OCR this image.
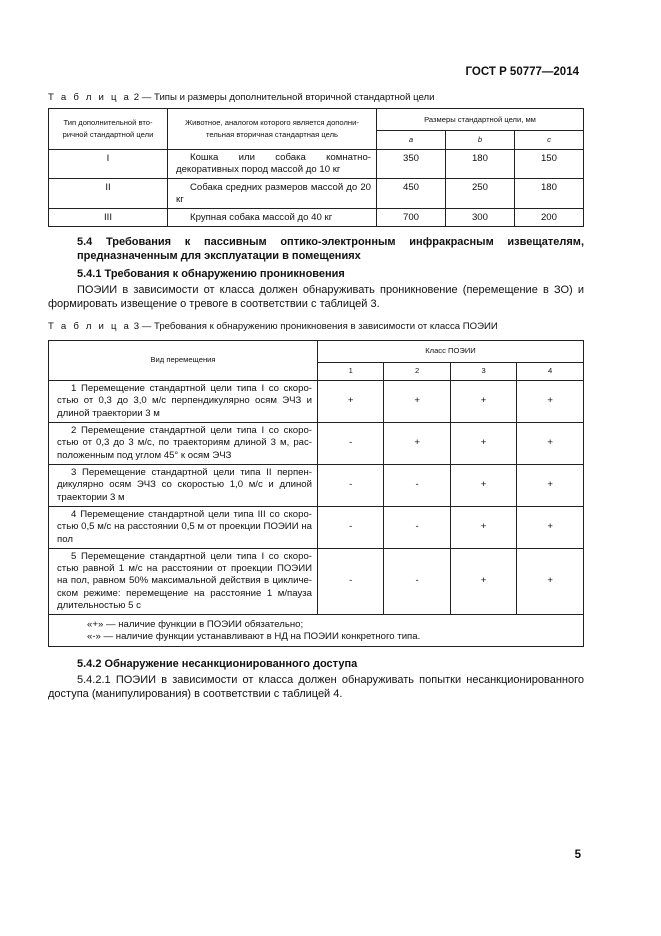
ГОСТ Р 50777—2014
Т а б л и ц а 2 — Типы и размеры дополнительной вторичной стандартной цели
Тип дополнительной вто-ричной стандартной цели	Животное, аналогом которого является дополни-тельная вторичная стандартная цель	Размеры стандартной цели, мм		
		a	b	c
I	Кошка или собака комнатно-декоративных пород массой до 10 кг	350	180	150
II	Собака средних размеров массой до 20 кг	450	250	180
III	Крупная собака массой до 40 кг	700	300	200
5.4 Требования к пассивным оптико-электронным инфракрасным извещателям, предназначенным для эксплуатации в помещениях
5.4.1 Требования к обнаружению проникновения
ПОЭИИ в зависимости от класса должен обнаруживать проникновение (перемещение в ЗО) и формировать извещение о тревоге в соответствии с таблицей 3.
Т а б л и ц а 3 — Требования к обнаружению проникновения в зависимости от класса ПОЭИИ
Вид перемещения	Класс ПОЭИИ			
	1	2	3	4
1 Перемещение стандартной цели типа I со скоро-стью от 0,3 до 3,0 м/с перпендикулярно осям ЭЧЗ и длиной траектории 3 м	+	+	+	+
2 Перемещение стандартной цели типа I со скоро-стью от 0,3 до 3 м/с, по траекториям длиной 3 м, рас-положенным под углом 45° к осям ЭЧЗ	-	+	+	+
3 Перемещение стандартной цели типа II перпен-дикулярно осям ЭЧЗ со скоростью 1,0 м/с и длиной траектории 3 м	-	-	+	+
4 Перемещение стандартной цели типа III со скоро-стью 0,5 м/с на расстоянии 0,5 м от проекции ПОЭИИ на пол	-	-	+	+
5 Перемещение стандартной цели типа I со скоро-стью равной 1 м/с на расстоянии от проекции ПОЭИИ на пол, равном 50% максимальной действия в цикличе-ском режиме: перемещение на расстояние 1 м/пауза длительностью 5 с	-	-	+	+

«+» — наличие функции в ПОЭИИ обязательно;
«-» — наличие функции устанавливают в НД на ПОЭИИ конкретного типа.				
5.4.2 Обнаружение несанкционированного доступа
5.4.2.1 ПОЭИИ в зависимости от класса должен обнаруживать попытки несанкционированного доступа (манипулирования) в соответствии с таблицей 4.
5
